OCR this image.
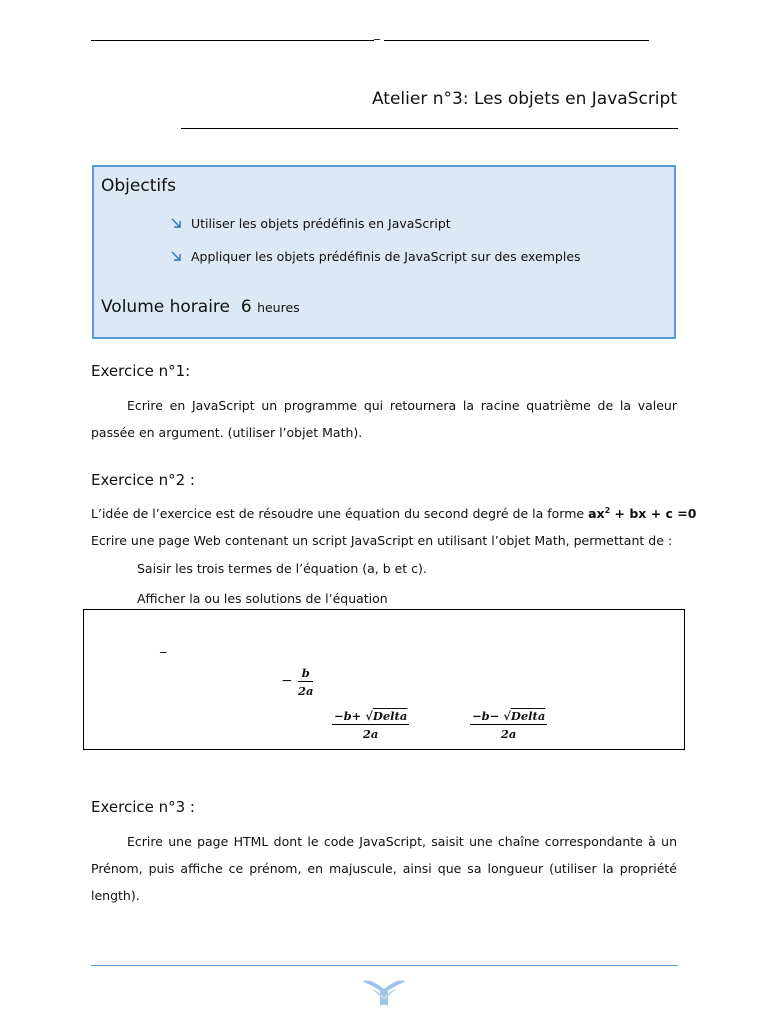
_
Atelier n°3: Les objets en JavaScript
Objectifs
Utiliser les objets prédéfinis en JavaScript
Appliquer les objets prédéfinis de JavaScript sur des exemples
Volume horaire 6 heures
Exercice n°1:
Ecrire en JavaScript un programme qui retournera la racine quatrième de la valeur passée en argument. (utiliser l’objet Math).
Exercice n°2 :
L’idée de l’exercice est de résoudre une équation du second degré de la forme $ax^2$ + bx + c =0
Ecrire une page Web contenant un script JavaScript en utilisant l’objet Math, permettant de :
Saisir les trois termes de l’équation (a, b et c).
Afficher la ou les solutions de l’équation
_
− $\frac{b}{2a}$
−b+ √Delta
2a
−b− √Delta
2a
Exercice n°3 :
Ecrire une page HTML dont le code JavaScript, saisit une chaîne correspondante à un Prénom, puis affiche ce prénom, en majuscule, ainsi que sa longueur (utiliser la propriété length).
